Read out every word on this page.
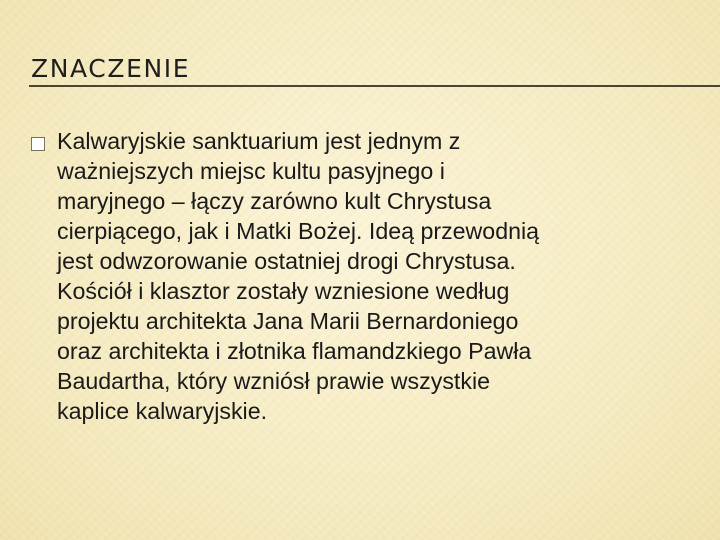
ZNACZENIE

Kalwaryjskie sanktuarium jest jednym z
ważniejszych miejsc kultu pasyjnego i
maryjnego – łączy zarówno kult Chrystusa
cierpiącego, jak i Matki Bożej. Ideą przewodnią
jest odwzorowanie ostatniej drogi Chrystusa.
Kościół i klasztor zostały wzniesione według
projektu architekta Jana Marii Bernardoniego
oraz architekta i złotnika flamandzkiego Pawła
Baudartha, który wzniósł prawie wszystkie
kaplice kalwaryjskie.
